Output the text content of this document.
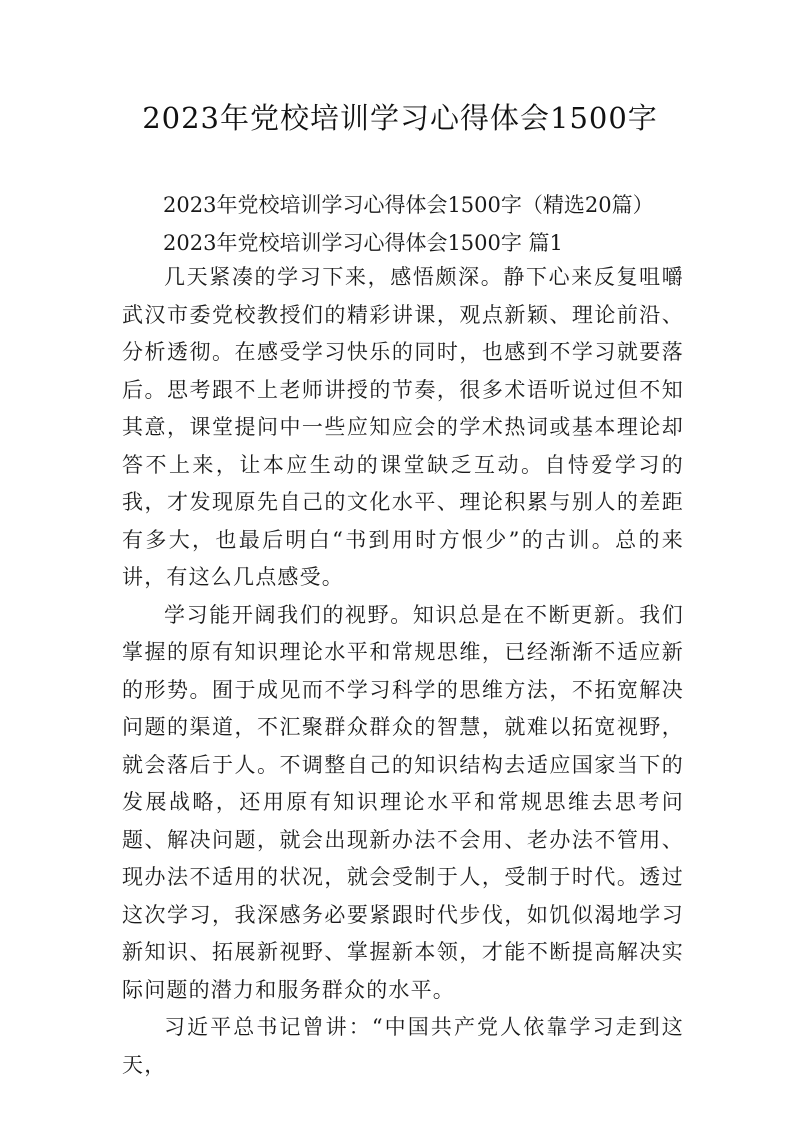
2023年党校培训学习心得体会1500字
2023年党校培训学习心得体会1500字（精选20篇）
2023年党校培训学习心得体会1500字 篇1

几天紧凑的学习下来，感悟颇深。静下心来反复咀嚼武汉市委党校教授们的精彩讲课，观点新颖、理论前沿、分析透彻。在感受学习快乐的同时，也感到不学习就要落后。思考跟不上老师讲授的节奏，很多术语听说过但不知其意，课堂提问中一些应知应会的学术热词或基本理论却答不上来，让本应生动的课堂缺乏互动。自恃爱学习的我，才发现原先自己的文化水平、理论积累与别人的差距有多大，也最后明白“书到用时方恨少”的古训。总的来讲，有这么几点感受。

学习能开阔我们的视野。知识总是在不断更新。我们掌握的原有知识理论水平和常规思维，已经渐渐不适应新的形势。囿于成见而不学习科学的思维方法，不拓宽解决问题的渠道，不汇聚群众群众的智慧，就难以拓宽视野，就会落后于人。不调整自己的知识结构去适应国家当下的发展战略，还用原有知识理论水平和常规思维去思考问题、解决问题，就会出现新办法不会用、老办法不管用、现办法不适用的状况，就会受制于人，受制于时代。透过这次学习，我深感务必要紧跟时代步伐，如饥似渴地学习新知识、拓展新视野、掌握新本领，才能不断提高解决实际问题的潜力和服务群众的水平。

习近平总书记曾讲：“中国共产党人依靠学习走到这天，
